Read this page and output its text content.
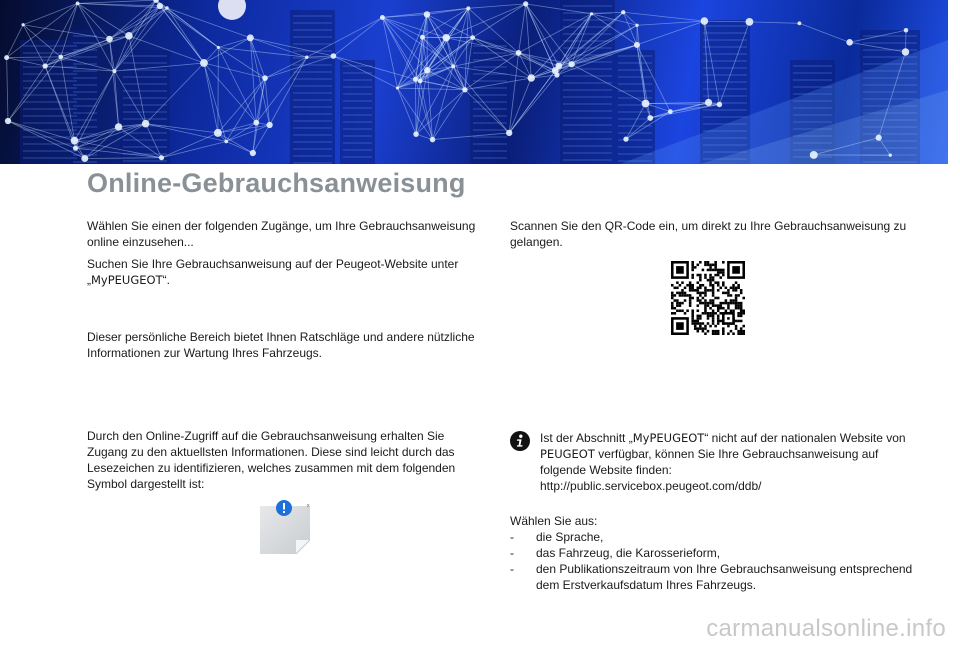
Online-Gebrauchsanweisung

Wählen Sie einen der folgenden Zugänge, um Ihre Gebrauchsanweisung online einzusehen...

Suchen Sie Ihre Gebrauchsanweisung auf der Peugeot-Website unter „MyPEUGEOT“.

Dieser persönliche Bereich bietet Ihnen Ratschläge und andere nützliche Informationen zur Wartung Ihres Fahrzeugs.

Durch den Online-Zugriff auf die Gebrauchsanweisung erhalten Sie Zugang zu den aktuellsten Informationen. Diese sind leicht durch das Lesezeichen zu identifizieren, welches zusammen mit dem folgenden Symbol dargestellt ist:

x

Scannen Sie den QR-Code ein, um direkt zu Ihre Gebrauchsanweisung zu gelangen.

Ist der Abschnitt „MyPEUGEOT“ nicht auf der nationalen Website von PEUGEOT verfügbar, können Sie Ihre Gebrauchsanweisung auf folgende Website finden:
http://public.servicebox.peugeot.com/ddb/

Wählen Sie aus:
- die Sprache,
- das Fahrzeug, die Karosserieform,
- den Publikationszeitraum von Ihre Gebrauchsanweisung entsprechend dem Erstverkaufsdatum Ihres Fahrzeugs.
carmanualsonline.info
